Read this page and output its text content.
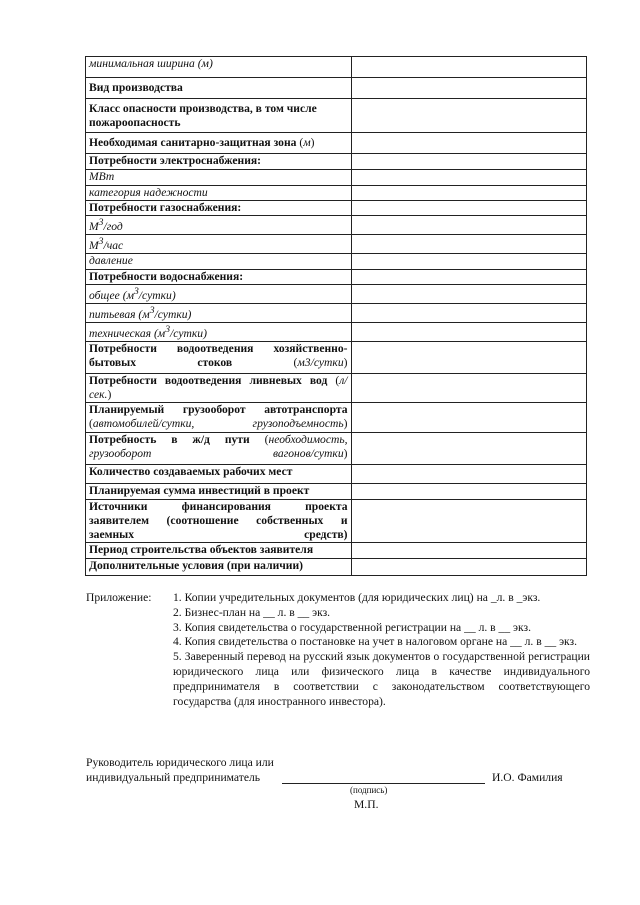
минимальная ширина (м)	
Вид производства	
Класс опасности производства, в том числе пожароопасность	
Необходимая санитарно-защитная зона (м)	
Потребности электроснабжения:	
МВт	
категория надежности	
Потребности газоснабжения:	
$М^3$/год	
$М^3$/час	
давление	
Потребности водоснабжения:	
общее $(м^3/сутки)$	
питьевая $(м^3/сутки)$	
техническая $(м^3/сутки)$	
Потребности водоотведения хозяйственно-бытовых стоков (м3/сутки)	
Потребности водоотведения ливневых вод (л/сек.)	
Планируемый грузооборот автотранспорта (автомобилей/сутки, грузоподъемность)	
Потребность в ж/д пути (необходимость, грузооборот вагонов/сутки)	
Количество создаваемых рабочих мест	
Планируемая сумма инвестиций в проект	
Источники финансирования проекта заявителем (соотношение собственных и заемных средств)	
Период строительства объектов заявителя	
Дополнительные условия (при наличии)	
Приложение: 1. Копии учредительных документов (для юридических лиц) на _л. в _экз.
2. Бизнес-план на __ л. в __ экз.
3. Копия свидетельства о государственной регистрации на __ л. в __ экз.
4. Копия свидетельства о постановке на учет в налоговом органе на __ л. в __ экз.
5. Заверенный перевод на русский язык документов о государственной регистрации юридического лица или физического лица в качестве индивидуального предпринимателя в соответствии с законодательством соответствующего государства (для иностранного инвестора).
Руководитель юридического лица или
индивидуальный предприниматель	И.О. Фамилия
(подпись)
М.П.
